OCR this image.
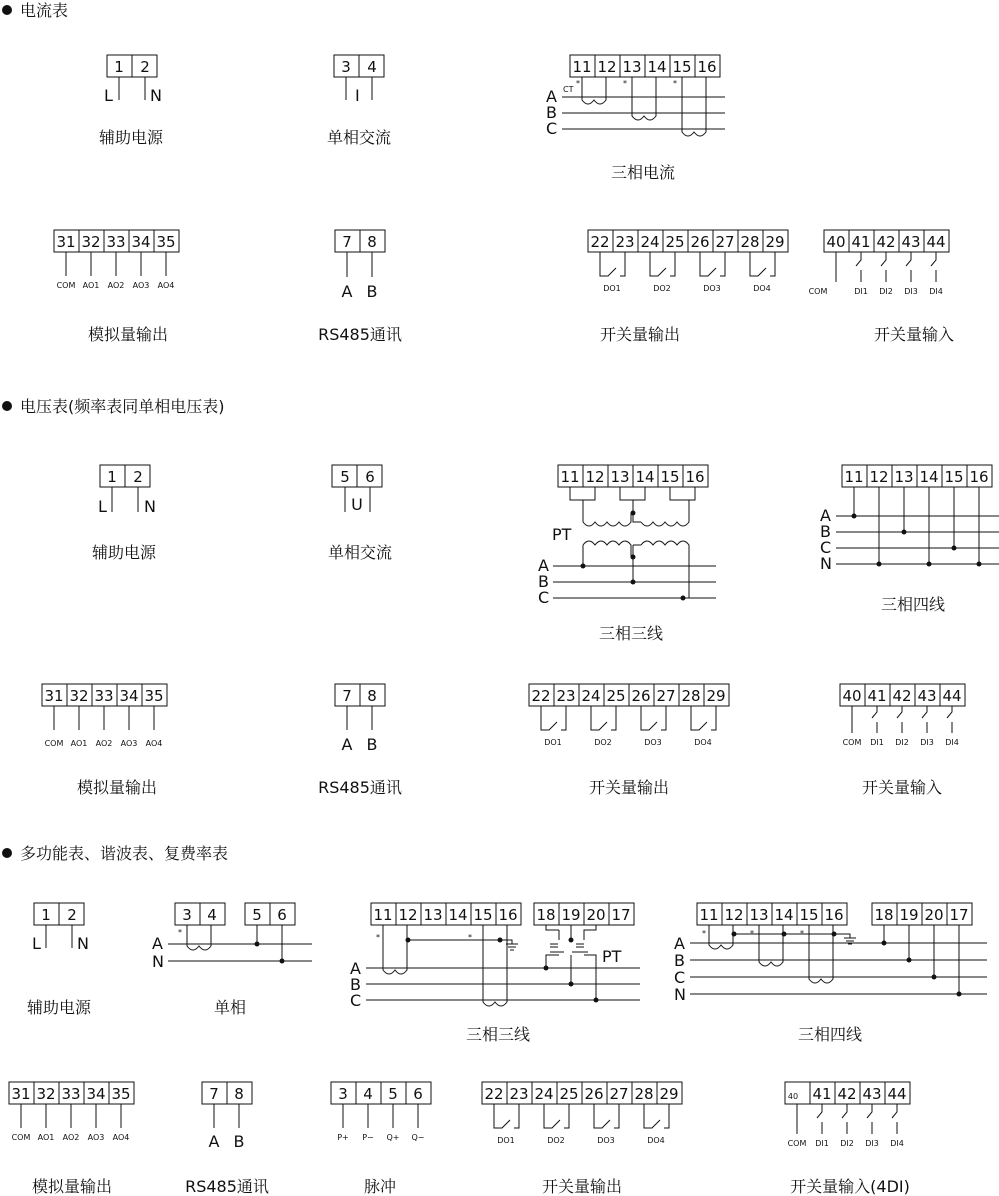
电流表
电压表(频率表同单相电压表)
多功能表、谐波表、复费率表
1 2
L N
辅助电源
3 4
I
单相交流
11 12 13 14 15 16
A
B
C
CT
*	*	*
三相电流
31 32 33 34 35
COM AO1 AO2 AO3 AO4
模拟量输出
7 8
A B
RS485通讯
22 23 24 25 26 27 28 29
DO1	DO2	DO3	DO4
开关量输出
40 41 42 43 44
COM	DI1 DI2 DI3 DI4
开关量输入
1 2
L N
辅助电源
5 6
U
单相交流
11 12 13 14 15 16
PT
A
B
C
三相三线
11 12 13 14 15 16
A
B
C
N
三相四线
31 32 33 34 35
COM AO1 AO2 AO3 AO4
模拟量输出
7 8
A B
RS485通讯
22 23 24 25 26 27 28 29
DO1	DO2	DO3	DO4
开关量输出
40 41 42 43 44
COM DI1 DI2 DI3 DI4
开关量输入
1 2
L N
辅助电源
3 4 5 6
*
A
N
单相
11 12 13 14 15 16 18 19 20 17
*	*
A
B
C
PT
三相三线
11 12 13 14 15 16 18 19 20 17
*	*	*
A
B
C
N
三相四线
31 32 33 34 35
COM AO1 AO2 AO3 AO4
模拟量输出
7 8
A B
RS485通讯
3 4 5 6
P+ P− Q+ Q−
脉冲
22 23 24 25 26 27 28 29
DO1	DO2	DO3	DO4
开关量输出
40 41 42 43 44
COM DI1 DI2 DI3 DI4
开关量输入(4DI)
